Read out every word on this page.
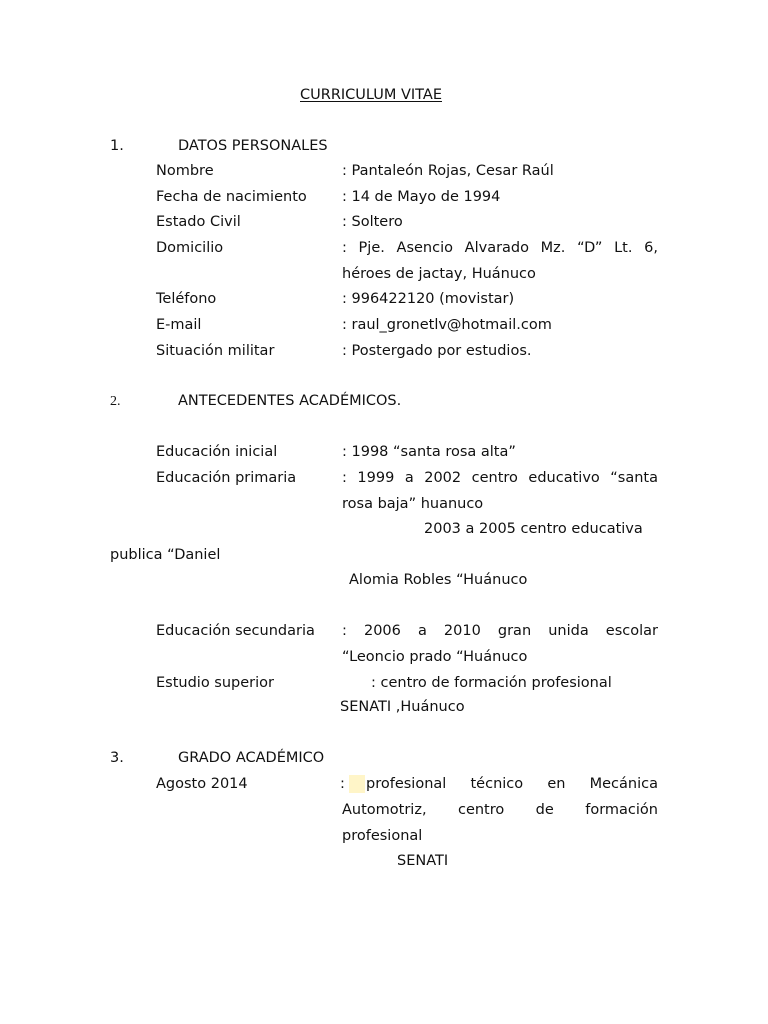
CURRICULUM VITAE
1.	DATOS PERSONALES
Nombre	: Pantaleón Rojas, Cesar Raúl
Fecha de nacimiento : 14 de Mayo de 1994
Estado Civil	: Soltero
Domicilio	: Pje. Asencio Alvarado Mz. “D” Lt. 6,
héroes de jactay, Huánuco
Teléfono	: 996422120 (movistar)
E-mail	: raul_gronetlv@hotmail.com
Situación militar	: Postergado por estudios.
2.	ANTECEDENTES ACADÉMICOS.
Educación inicial	: 1998 “santa rosa alta”
Educación primaria	: 1999 a 2002 centro educativo “santa
rosa baja” huanuco
2003 a 2005 centro educativa
publica “Daniel
Alomia Robles “Huánuco
Educación secundaria : 2006 a 2010 gran unida escolar
“Leoncio prado “Huánuco
Estudio superior	: centro de formación profesional
SENATI ,Huánuco
3.	GRADO ACADÉMICO
Agosto 2014	: profesional técnico en Mecánica
Automotriz, centro de formación
profesional
SENATI
